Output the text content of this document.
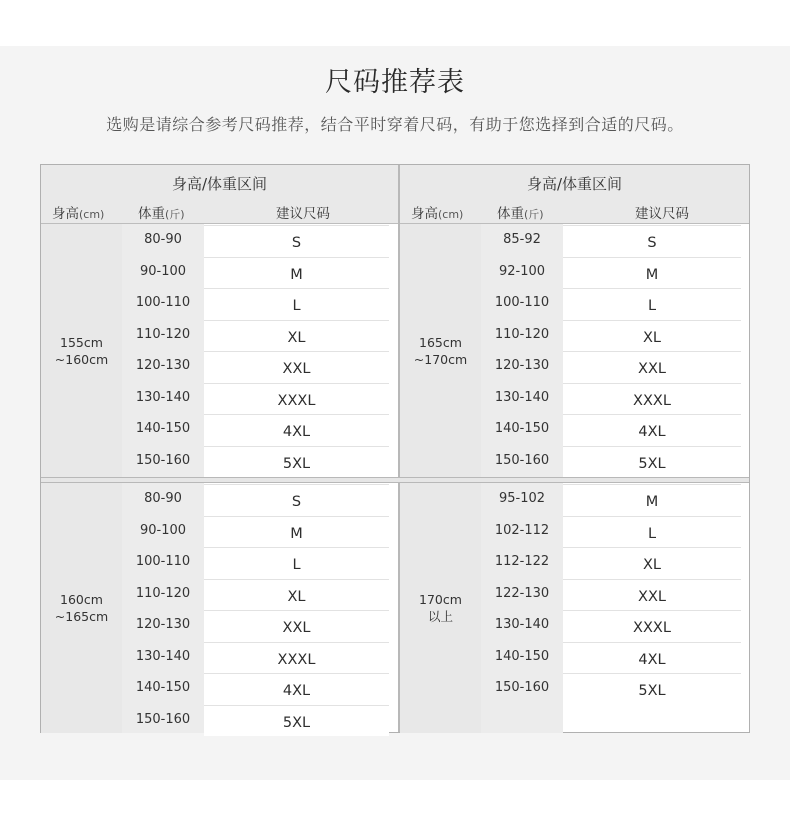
尺码推荐表
选购是请综合参考尺码推荐，结合平时穿着尺码，有助于您选择到合适的尺码。
身高/体重区间
身高(cm) 体重(斤)	建议尺码
155cm
~160cm
80-90	S
90-100	M
100-110	L
110-120	XL
120-130	XXL
130-140	XXXL
140-150	4XL
150-160	5XL
160cm
~165cm
80-90	S
90-100	M
100-110	L
110-120	XL
120-130	XXL
130-140	XXXL
140-150	4XL
150-160	5XL
身高/体重区间
身高(cm) 体重(斤)	建议尺码
165cm
~170cm
85-92	S
92-100	M
100-110	L
110-120	XL
120-130	XXL
130-140	XXXL
140-150	4XL
150-160	5XL
170cm
以上
95-102	M
102-112	L
112-122	XL
122-130	XXL
130-140	XXXL
140-150	4XL
150-160	5XL
